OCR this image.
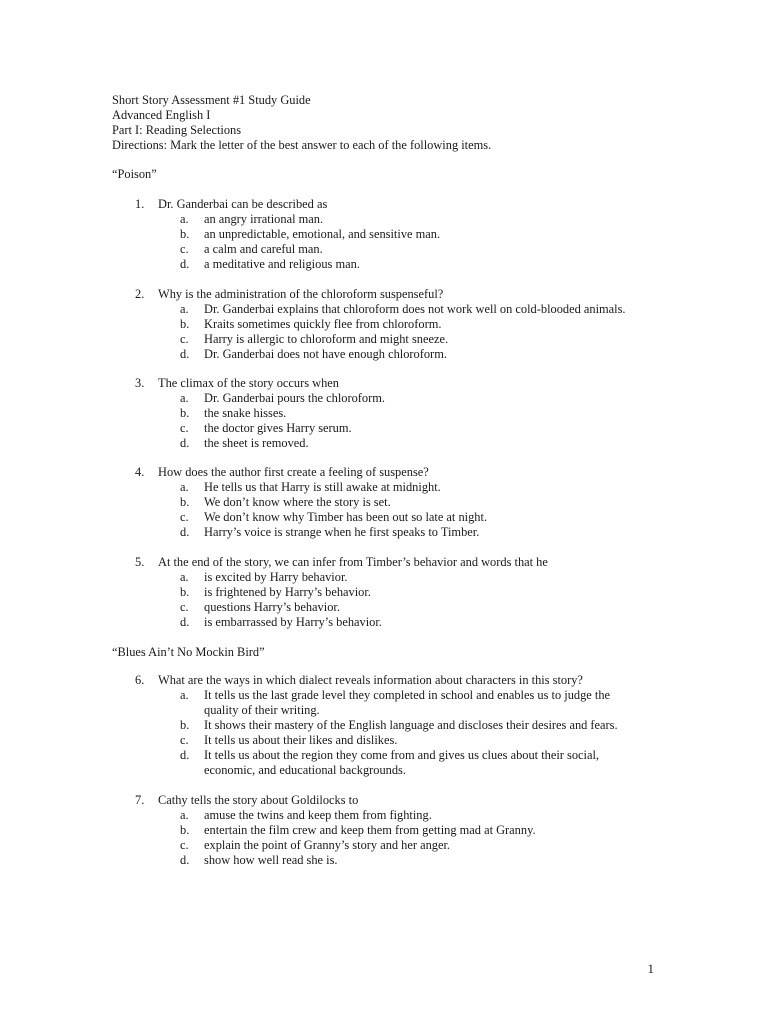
Short Story Assessment #1 Study Guide
Advanced English I
Part I: Reading Selections
Directions: Mark the letter of the best answer to each of the following items.
“Poison”
1. Dr. Ganderbai can be described as
a. an angry irrational man.
b. an unpredictable, emotional, and sensitive man.
c. a calm and careful man.
d. a meditative and religious man.
2. Why is the administration of the chloroform suspenseful?
a. Dr. Ganderbai explains that chloroform does not work well on cold-blooded animals.
b. Kraits sometimes quickly flee from chloroform.
c. Harry is allergic to chloroform and might sneeze.
d. Dr. Ganderbai does not have enough chloroform.
3. The climax of the story occurs when
a. Dr. Ganderbai pours the chloroform.
b. the snake hisses.
c. the doctor gives Harry serum.
d. the sheet is removed.
4. How does the author first create a feeling of suspense?
a. He tells us that Harry is still awake at midnight.
b. We don’t know where the story is set.
c. We don’t know why Timber has been out so late at night.
d. Harry’s voice is strange when he first speaks to Timber.
5. At the end of the story, we can infer from Timber’s behavior and words that he
a. is excited by Harry behavior.
b. is frightened by Harry’s behavior.
c. questions Harry’s behavior.
d. is embarrassed by Harry’s behavior.
“Blues Ain’t No Mockin Bird”
6. What are the ways in which dialect reveals information about characters in this story?
a. It tells us the last grade level they completed in school and enables us to judge the quality of their writing.
b. It shows their mastery of the English language and discloses their desires and fears.
c. It tells us about their likes and dislikes.
d. It tells us about the region they come from and gives us clues about their social, economic, and educational backgrounds.
7. Cathy tells the story about Goldilocks to
a. amuse the twins and keep them from fighting.
b. entertain the film crew and keep them from getting mad at Granny.
c. explain the point of Granny’s story and her anger.
d. show how well read she is.
1
